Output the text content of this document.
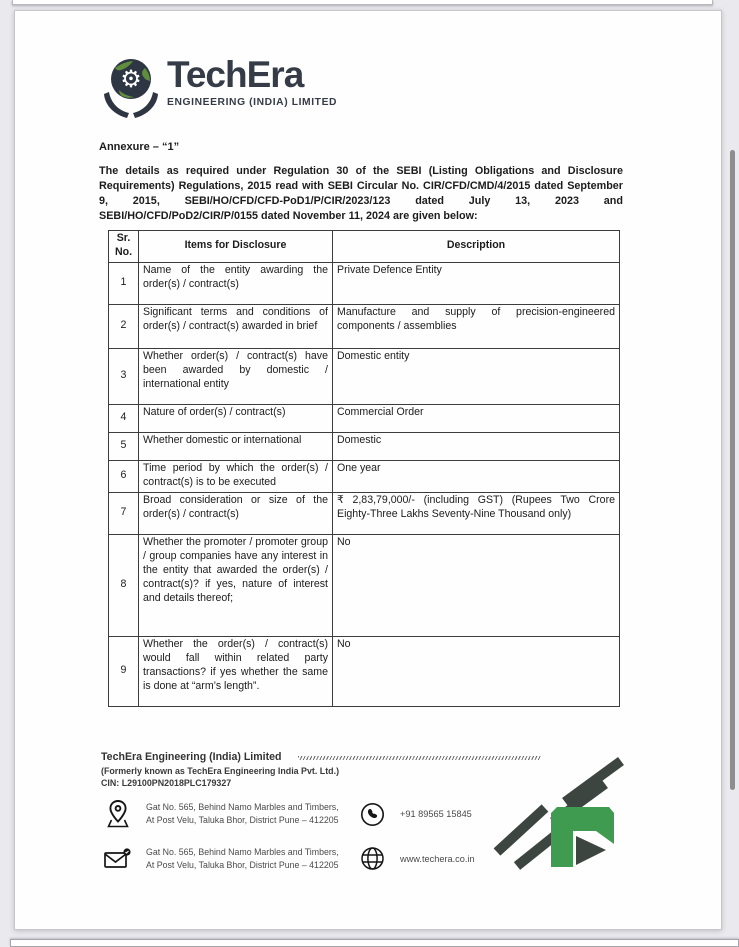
⚙ TechEra
ENGINEERING (INDIA) LIMITED
Annexure – “1”
The details as required under Regulation 30 of the SEBI (Listing Obligations and Disclosure Requirements) Regulations, 2015 read with SEBI Circular No. CIR/CFD/CMD/4/2015 dated September 9, 2015, SEBI/HO/CFD/CFD-PoD1/P/CIR/2023/123 dated July 13, 2023 and SEBI/HO/CFD/PoD2/CIR/P/0155 dated November 11, 2024 are given below:
Sr. No.	Items for Disclosure	Description
1	Name of the entity awarding the order(s) / contract(s)	Private Defence Entity
2	Significant terms and conditions of order(s) / contract(s) awarded in brief	Manufacture and supply of precision-engineered components / assemblies
3	Whether order(s) / contract(s) have been awarded by domestic / international entity	Domestic entity
4	Nature of order(s) / contract(s)	Commercial Order
5	Whether domestic or international	Domestic
6	Time period by which the order(s) / contract(s) is to be executed	One year
7	Broad consideration or size of the order(s) / contract(s)	₹ 2,83,79,000/- (including GST) (Rupees Two Crore Eighty-Three Lakhs Seventy-Nine Thousand only)
8	Whether the promoter / promoter group / group companies have any interest in the entity that awarded the order(s) / contract(s)? if yes, nature of interest and details thereof;	No
9	Whether the order(s) / contract(s) would fall within related party transactions? if yes whether the same is done at “arm’s length”.	No
TechEra Engineering (India) Limited
(Formerly known as TechEra Engineering India Pvt. Ltd.)
CIN: L29100PN2018PLC179327
Gat No. 565, Behind Namo Marbles and Timbers,
At Post Velu, Taluka Bhor, District Pune – 412205
+91 89565 15845
Gat No. 565, Behind Namo Marbles and Timbers,
At Post Velu, Taluka Bhor, District Pune – 412205
www.techera.co.in
